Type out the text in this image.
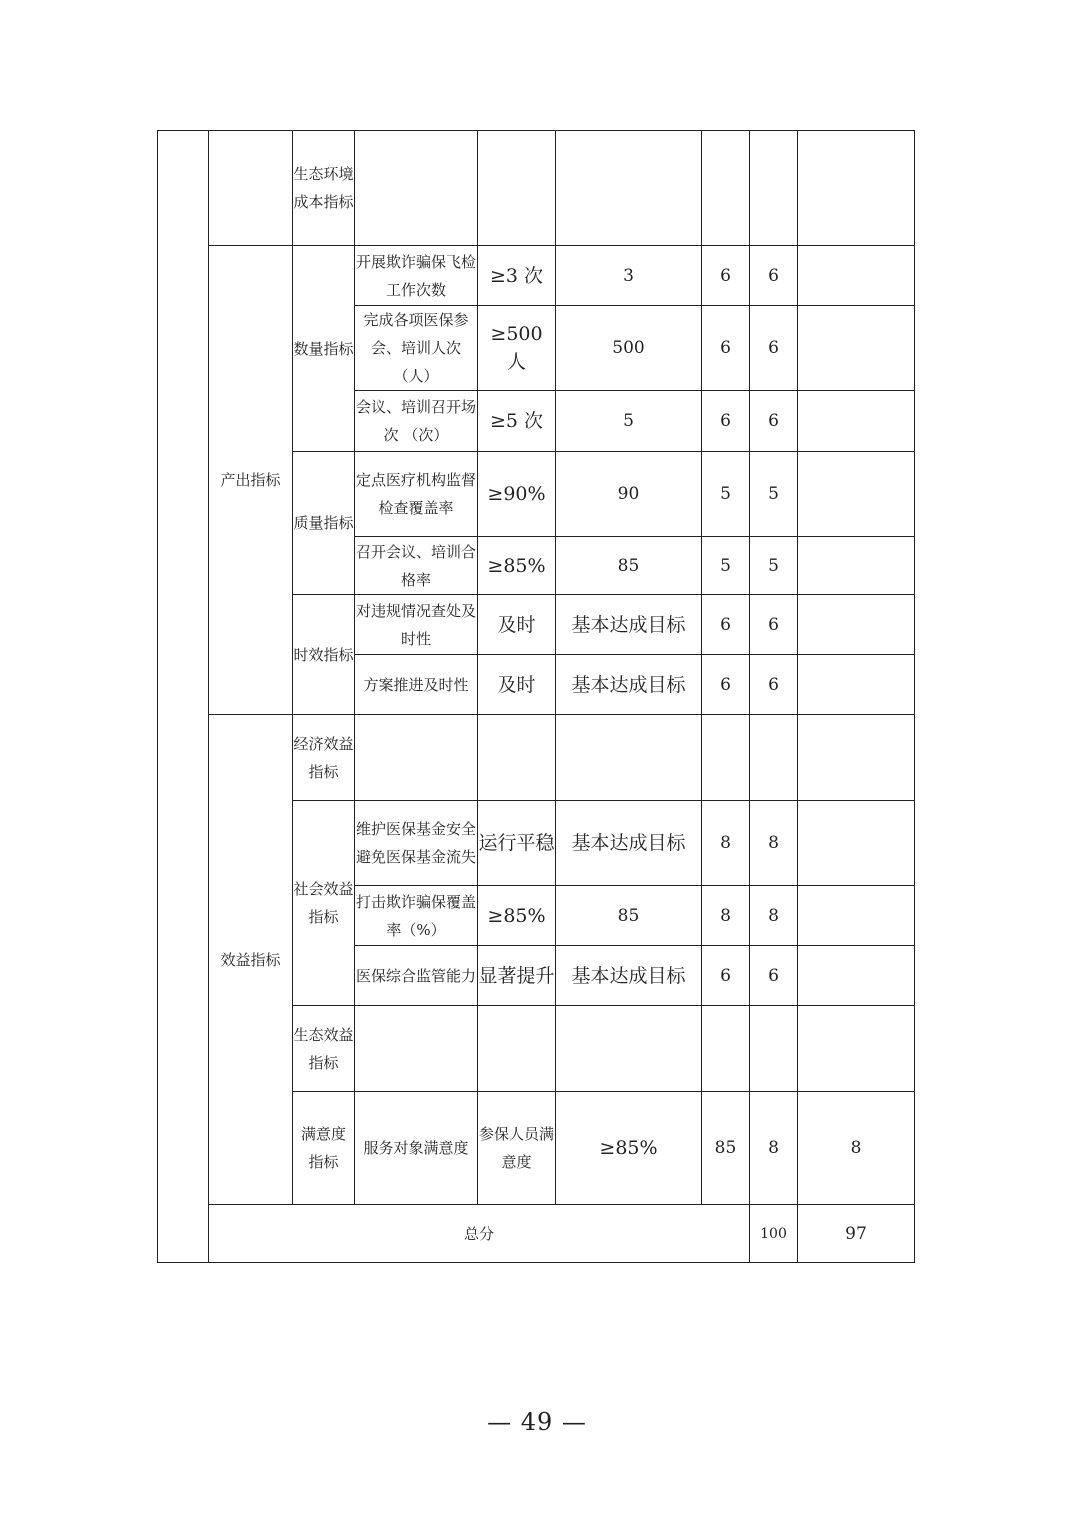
		生态环境成本指标							
	产出指标	数量指标	开展欺诈骗保飞检工作次数	≥3 次	3	6	6		
			完成各项医保参会、培训人次（人）	≥500 人	500	6	6		
			会议、培训召开场次 （次）	≥5 次	5	6	6		
		质量指标	定点医疗机构监督检查覆盖率	≥90%	90	5	5		
			召开会议、培训合格率	≥85%	85	5	5		
		时效指标	对违规情况查处及时性	及时	基本达成目标	6	6		
			方案推进及时性	及时	基本达成目标	6	6		
	效益指标	经济效益指标							
		社会效益指标	维护医保基金安全避免医保基金流失	运行平稳	基本达成目标	8	8		
			打击欺诈骗保覆盖率（%）	≥85%	85	8	8		
			医保综合监管能力	显著提升	基本达成目标	6	6		
		生态效益指标							
		满意度指标	服务对象满意度	参保人员满意度	≥85%	85	8	8	
	总分						100	97	
— 49 —
